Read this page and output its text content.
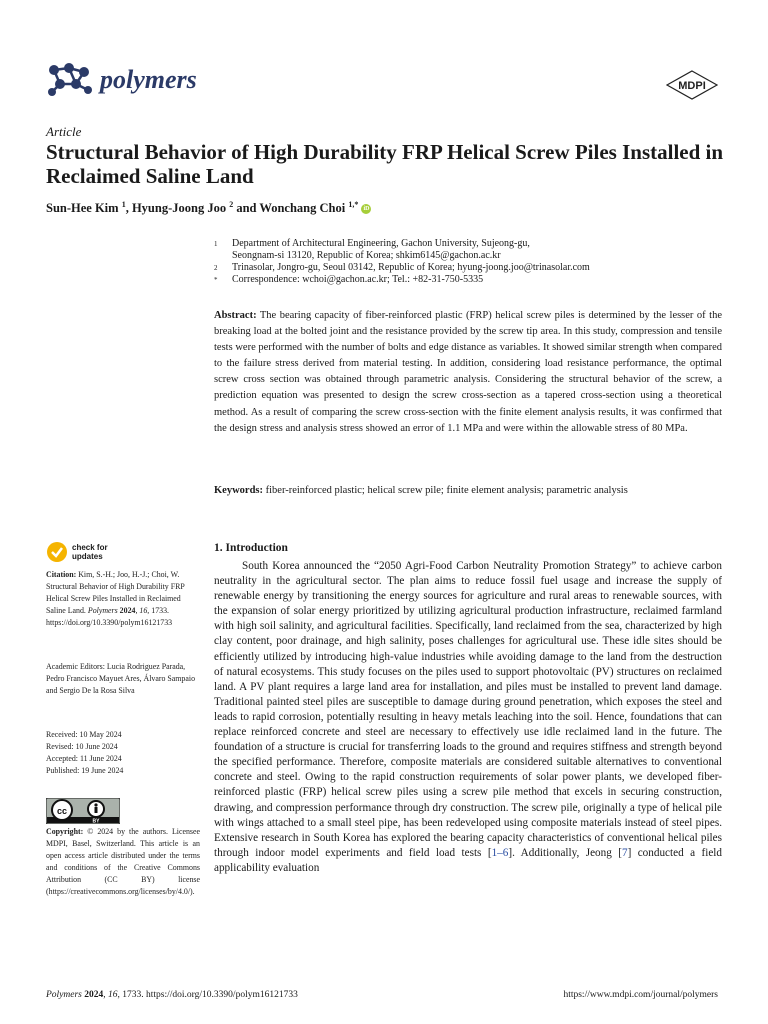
polymers	MDPI
Article
Structural Behavior of High Durability FRP Helical Screw Piles Installed in Reclaimed Saline Land
Sun-Hee Kim $^1$, Hyung-Joong Joo $^2$ and Wonchang Choi $^{1,*}$ iD
1	Department of Architectural Engineering, Gachon University, Sujeong-gu, Seongnam-si 13120, Republic of Korea; shkim6145@gachon.ac.kr
2	Trinasolar, Jongro-gu, Seoul 03142, Republic of Korea; hyung-joong.joo@trinasolar.com
*	Correspondence: wchoi@gachon.ac.kr; Tel.: +82-31-750-5335
Abstract: The bearing capacity of fiber-reinforced plastic (FRP) helical screw piles is determined by the lesser of the breaking load at the bolted joint and the resistance provided by the screw tip area. In this study, compression and tensile tests were performed with the number of bolts and edge distance as variables. It showed similar strength when compared to the failure stress derived from material testing. In addition, considering load resistance performance, the optimal screw cross section was obtained through parametric analysis. Considering the structural behavior of the screw, a prediction equation was presented to design the screw cross-section as a tapered cross-section using a theoretical method. As a result of comparing the screw cross-section with the finite element analysis results, it was confirmed that the design stress and analysis stress showed an error of 1.1 MPa and were within the allowable stress of 80 MPa.
Keywords: fiber-reinforced plastic; helical screw pile; finite element analysis; parametric analysis
check for
updates
Citation: Kim, S.-H.; Joo, H.-J.; Choi, W. Structural Behavior of High Durability FRP Helical Screw Piles Installed in Reclaimed Saline Land. Polymers 2024, 16, 1733. https://doi.org/10.3390/polym16121733
Academic Editors: Lucia Rodriguez Parada, Pedro Francisco Mayuet Ares, Álvaro Sampaio and Sergio De la Rosa Silva
Received: 10 May 2024
Revised: 10 June 2024
Accepted: 11 June 2024
Published: 19 June 2024
cc
BY
Copyright: © 2024 by the authors. Licensee MDPI, Basel, Switzerland. This article is an open access article distributed under the terms and conditions of the Creative Commons Attribution (CC BY) license (https://creativecommons.org/licenses/by/4.0/).
1. Introduction
South Korea announced the “2050 Agri-Food Carbon Neutrality Promotion Strategy” to achieve carbon neutrality in the agricultural sector. The plan aims to reduce fossil fuel usage and increase the supply of renewable energy by transitioning the energy sources for agriculture and rural areas to renewable sources, with the expansion of solar energy prioritized by utilizing agricultural production infrastructure, reclaimed farmland with high soil salinity, and agricultural facilities. Specifically, land reclaimed from the sea, characterized by high clay content, poor drainage, and high salinity, poses challenges for agricultural use. These idle sites should be efficiently utilized by introducing high-value industries while avoiding damage to the land from the destruction of natural ecosystems. This study focuses on the piles used to support photovoltaic (PV) structures on reclaimed land. A PV plant requires a large land area for installation, and piles must be installed to prevent land damage. Traditional painted steel piles are susceptible to damage during ground penetration, which exposes the steel and leads to rapid corrosion, potentially resulting in heavy metals leaching into the soil. Hence, foundations that can replace reinforced concrete and steel are necessary to effectively use idle reclaimed land in the future. The foundation of a structure is crucial for transferring loads to the ground and requires stiffness and strength beyond the specified performance. Therefore, composite materials are considered suitable alternatives to conventional concrete and steel. Owing to the rapid construction requirements of solar power plants, we developed fiber-reinforced plastic (FRP) helical screw piles using a screw pile method that excels in securing construction, drawing, and compression performance through dry construction. The screw pile, originally a type of helical pile with wings attached to a small steel pipe, has been redeveloped using composite materials instead of steel pipes. Extensive research in South Korea has explored the bearing capacity characteristics of conventional helical piles through indoor model experiments and field load tests [1–6]. Additionally, Jeong [7] conducted a field applicability evaluation
Polymers 2024, 16, 1733. https://doi.org/10.3390/polym16121733	https://www.mdpi.com/journal/polymers
